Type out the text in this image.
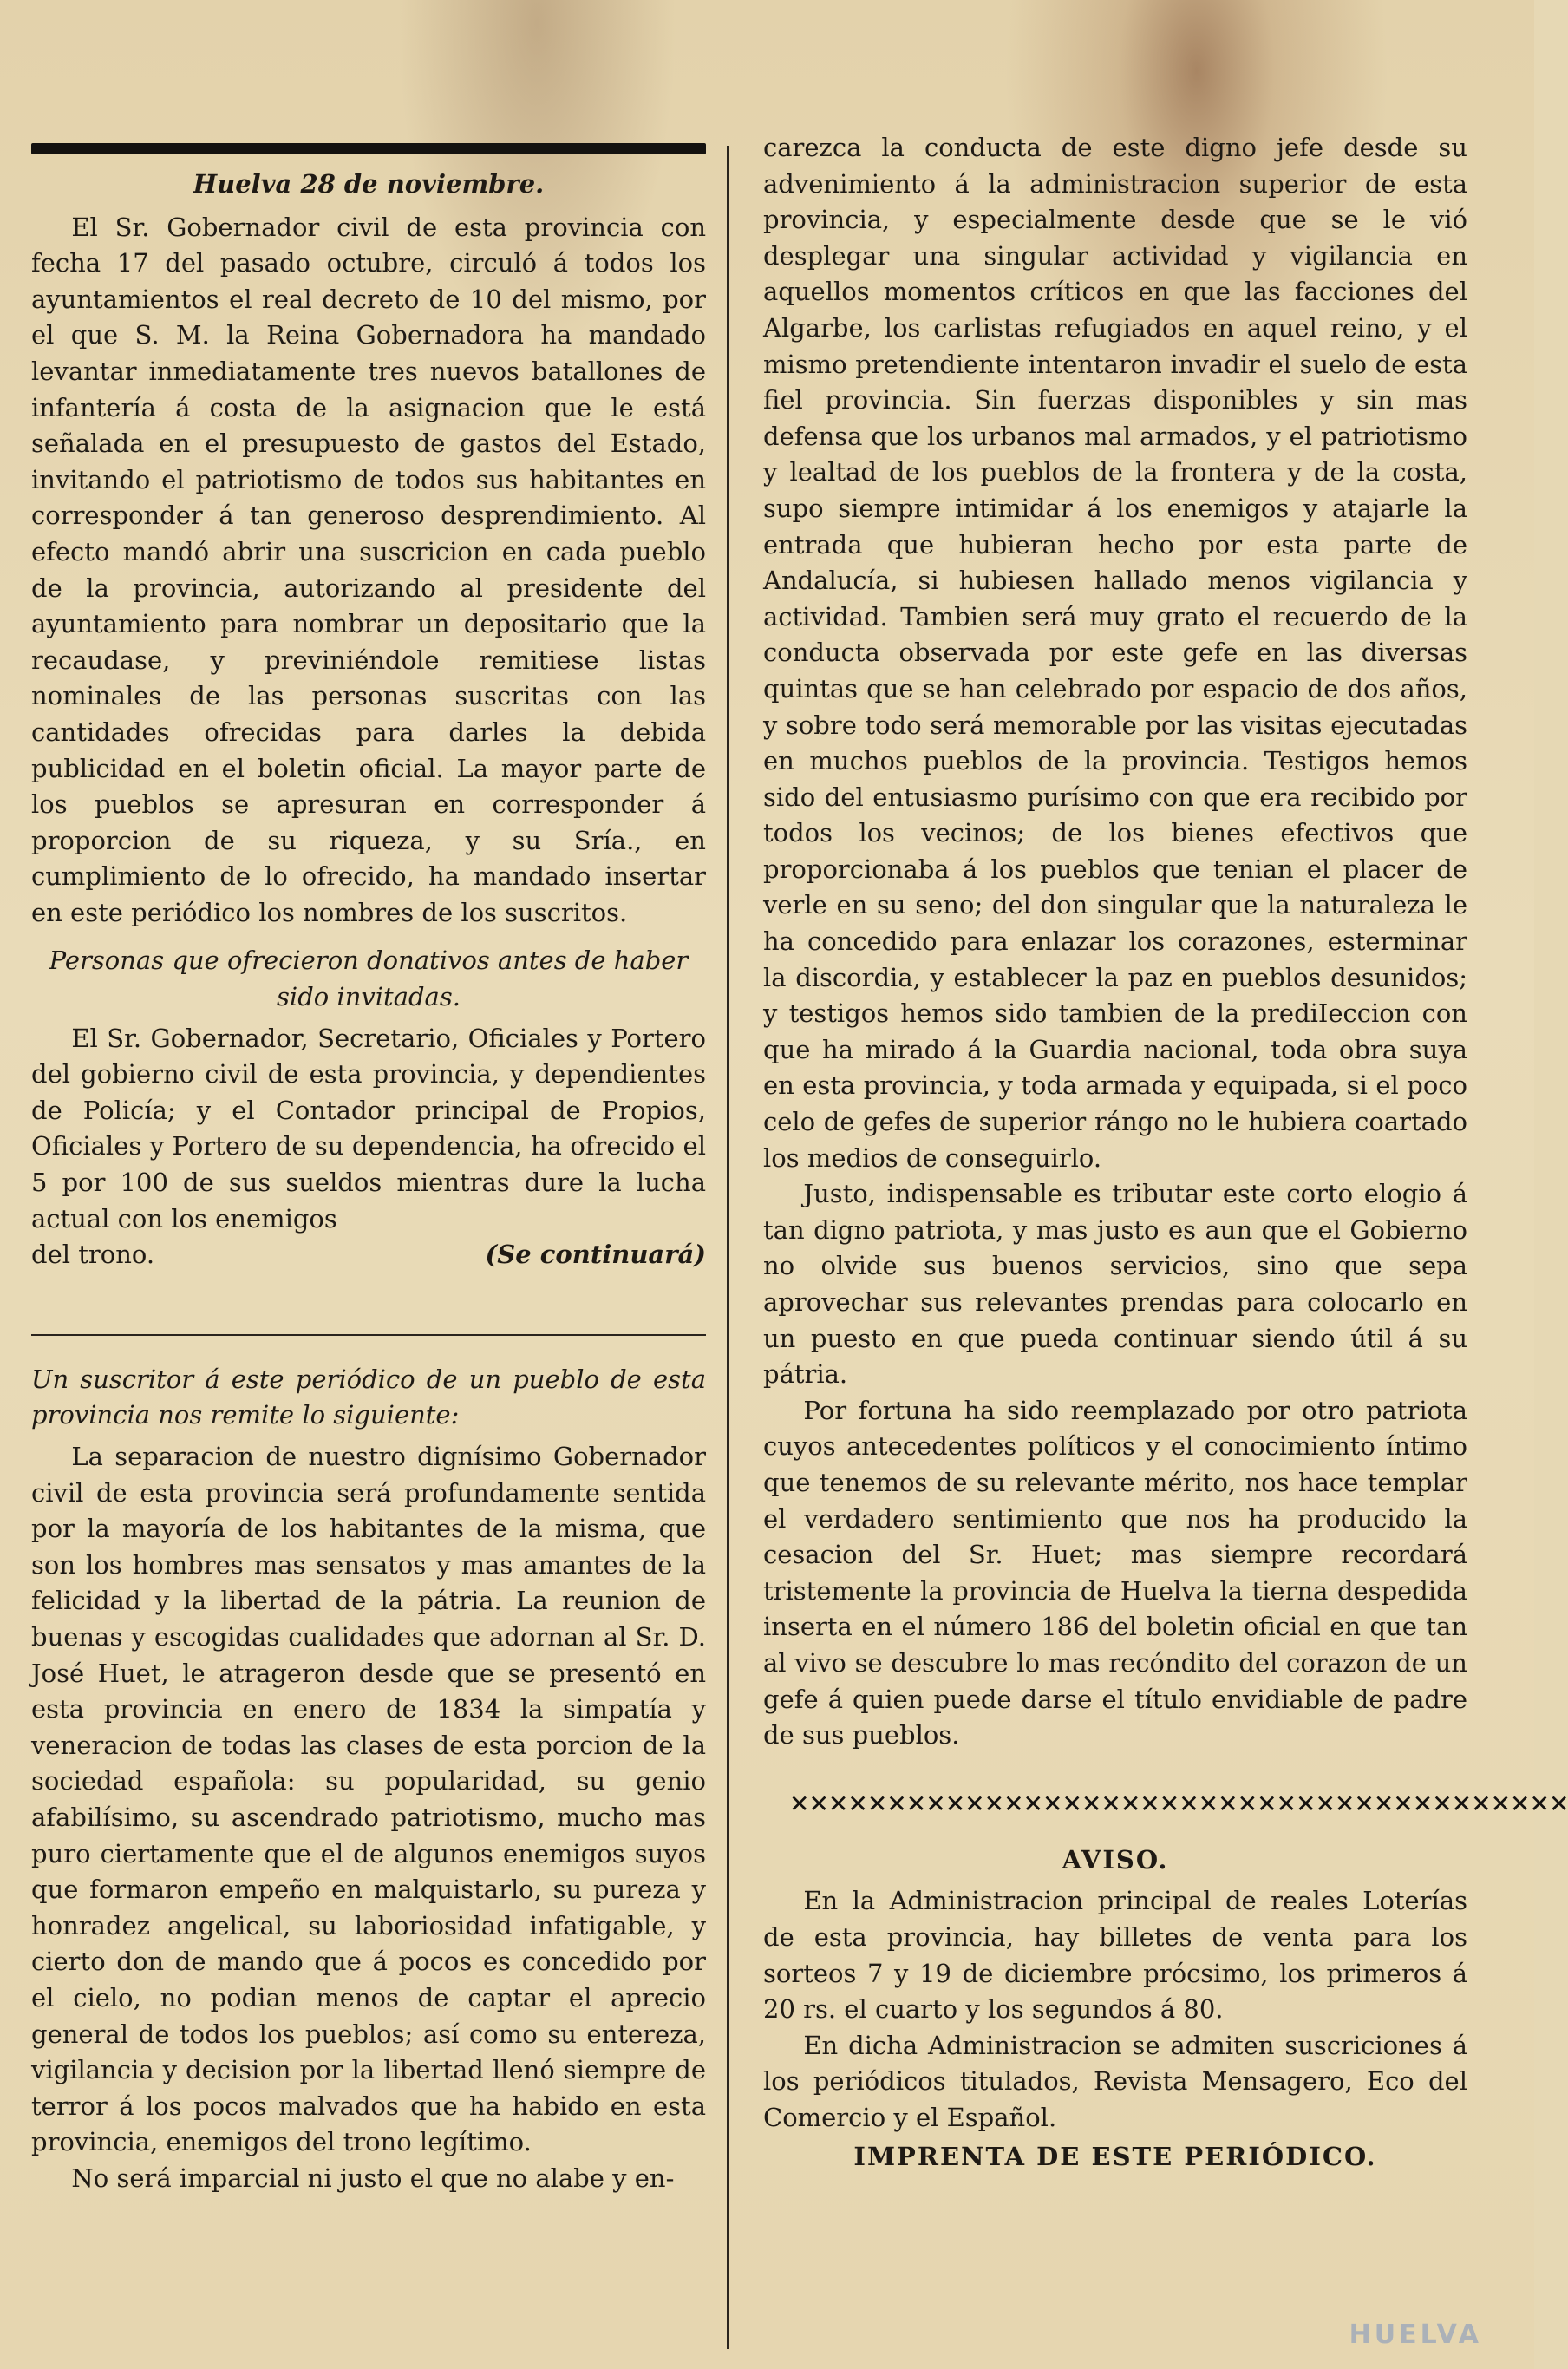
Huelva 28 de noviembre.

El Sr. Gobernador civil de esta provincia con fecha 17 del pasado octubre, circuló á todos los ayuntamientos el real decreto de 10 del mismo, por el que S. M. la Reina Gobernadora ha mandado levantar inmediatamente tres nuevos batallones de infantería á costa de la asignacion que le está señalada en el presupuesto de gastos del Estado, invitando el patriotismo de todos sus habitantes en corresponder á tan generoso desprendimiento. Al efecto mandó abrir una suscricion en cada pueblo de la provincia, autorizando al presidente del ayuntamiento para nombrar un depositario que la recaudase, y previniéndole remitiese listas nominales de las personas suscritas con las cantidades ofrecidas para darles la debida publicidad en el boletin oficial. La mayor parte de los pueblos se apresuran en corresponder á proporcion de su riqueza, y su Sría., en cumplimiento de lo ofrecido, ha mandado insertar en este periódico los nombres de los suscritos.

Personas que ofrecieron donativos antes de haber sido invitadas.

El Sr. Gobernador, Secretario, Oficiales y Portero del gobierno civil de esta provincia, y dependientes de Policía; y el Contador principal de Propios, Oficiales y Portero de su dependencia, ha ofrecido el 5 por 100 de sus sueldos mientras dure la lucha actual con los enemigos

del trono.	(Se continuará)
Un suscritor á este periódico de un pueblo de esta provincia nos remite lo siguiente:

La separacion de nuestro dignísimo Gobernador civil de esta provincia será profundamente sentida por la mayoría de los habitantes de la misma, que son los hombres mas sensatos y mas amantes de la felicidad y la libertad de la pátria. La reunion de buenas y escogidas cualidades que adornan al Sr. D. José Huet, le atrageron desde que se presentó en esta provincia en enero de 1834 la simpatía y veneracion de todas las clases de esta porcion de la sociedad española: su popularidad, su genio afabilísimo, su ascendrado patriotismo, mucho mas puro ciertamente que el de algunos enemigos suyos que formaron empeño en malquistarlo, su pureza y honradez angelical, su laboriosidad infatigable, y cierto don de mando que á pocos es concedido por el cielo, no podian menos de captar el aprecio general de todos los pueblos; así como su entereza, vigilancia y decision por la libertad llenó siempre de terror á los pocos malvados que ha habido en esta provincia, enemigos del trono legítimo.

No será imparcial ni justo el que no alabe y en-

carezca la conducta de este digno jefe desde su advenimiento á la administracion superior de esta provincia, y especialmente desde que se le vió desplegar una singular actividad y vigilancia en aquellos momentos críticos en que las facciones del Algarbe, los carlistas refugiados en aquel reino, y el mismo pretendiente intentaron invadir el suelo de esta fiel provincia. Sin fuerzas disponibles y sin mas defensa que los urbanos mal armados, y el patriotismo y lealtad de los pueblos de la frontera y de la costa, supo siempre intimidar á los enemigos y atajarle la entrada que hubieran hecho por esta parte de Andalucía, si hubiesen hallado menos vigilancia y actividad. Tambien será muy grato el recuerdo de la conducta observada por este gefe en las diversas quintas que se han celebrado por espacio de dos años, y sobre todo será memorable por las visitas ejecutadas en muchos pueblos de la provincia. Testigos hemos sido del entusiasmo purísimo con que era recibido por todos los vecinos; de los bienes efectivos que proporcionaba á los pueblos que tenian el placer de verle en su seno; del don singular que la naturaleza le ha concedido para enlazar los corazones, esterminar la discordia, y establecer la paz en pueblos desunidos; y testigos hemos sido tambien de la prediIeccion con que ha mirado á la Guardia nacional, toda obra suya en esta provincia, y toda armada y equipada, si el poco celo de gefes de superior rángo no le hubiera coartado los medios de conseguirlo.

Justo, indispensable es tributar este corto elogio á tan digno patriota, y mas justo es aun que el Gobierno no olvide sus buenos servicios, sino que sepa aprovechar sus relevantes prendas para colocarlo en un puesto en que pueda continuar siendo útil á su pátria.

Por fortuna ha sido reemplazado por otro patriota cuyos antecedentes políticos y el conocimiento íntimo que tenemos de su relevante mérito, nos hace templar el verdadero sentimiento que nos ha producido la cesacion del Sr. Huet; mas siempre recordará tristemente la provincia de Huelva la tierna despedida inserta en el número 186 del boletin oficial en que tan al vivo se descubre lo mas recóndito del corazon de un gefe á quien puede darse el título envidiable de padre de sus pueblos.

✕✕✕✕✕✕✕✕✕✕✕✕✕✕✕✕✕✕✕✕✕✕✕✕✕✕✕✕✕✕✕✕✕✕✕✕✕✕✕✕
AVISO.

En la Administracion principal de reales Loterías de esta provincia, hay billetes de venta para los sorteos 7 y 19 de diciembre prócsimo, los primeros á 20 rs. el cuarto y los segundos á 80.

En dicha Administracion se admiten suscriciones á los periódicos titulados, Revista Mensagero, Eco del Comercio y el Español.

IMPRENTA DE ESTE PERIÓDICO.
HUELVA
